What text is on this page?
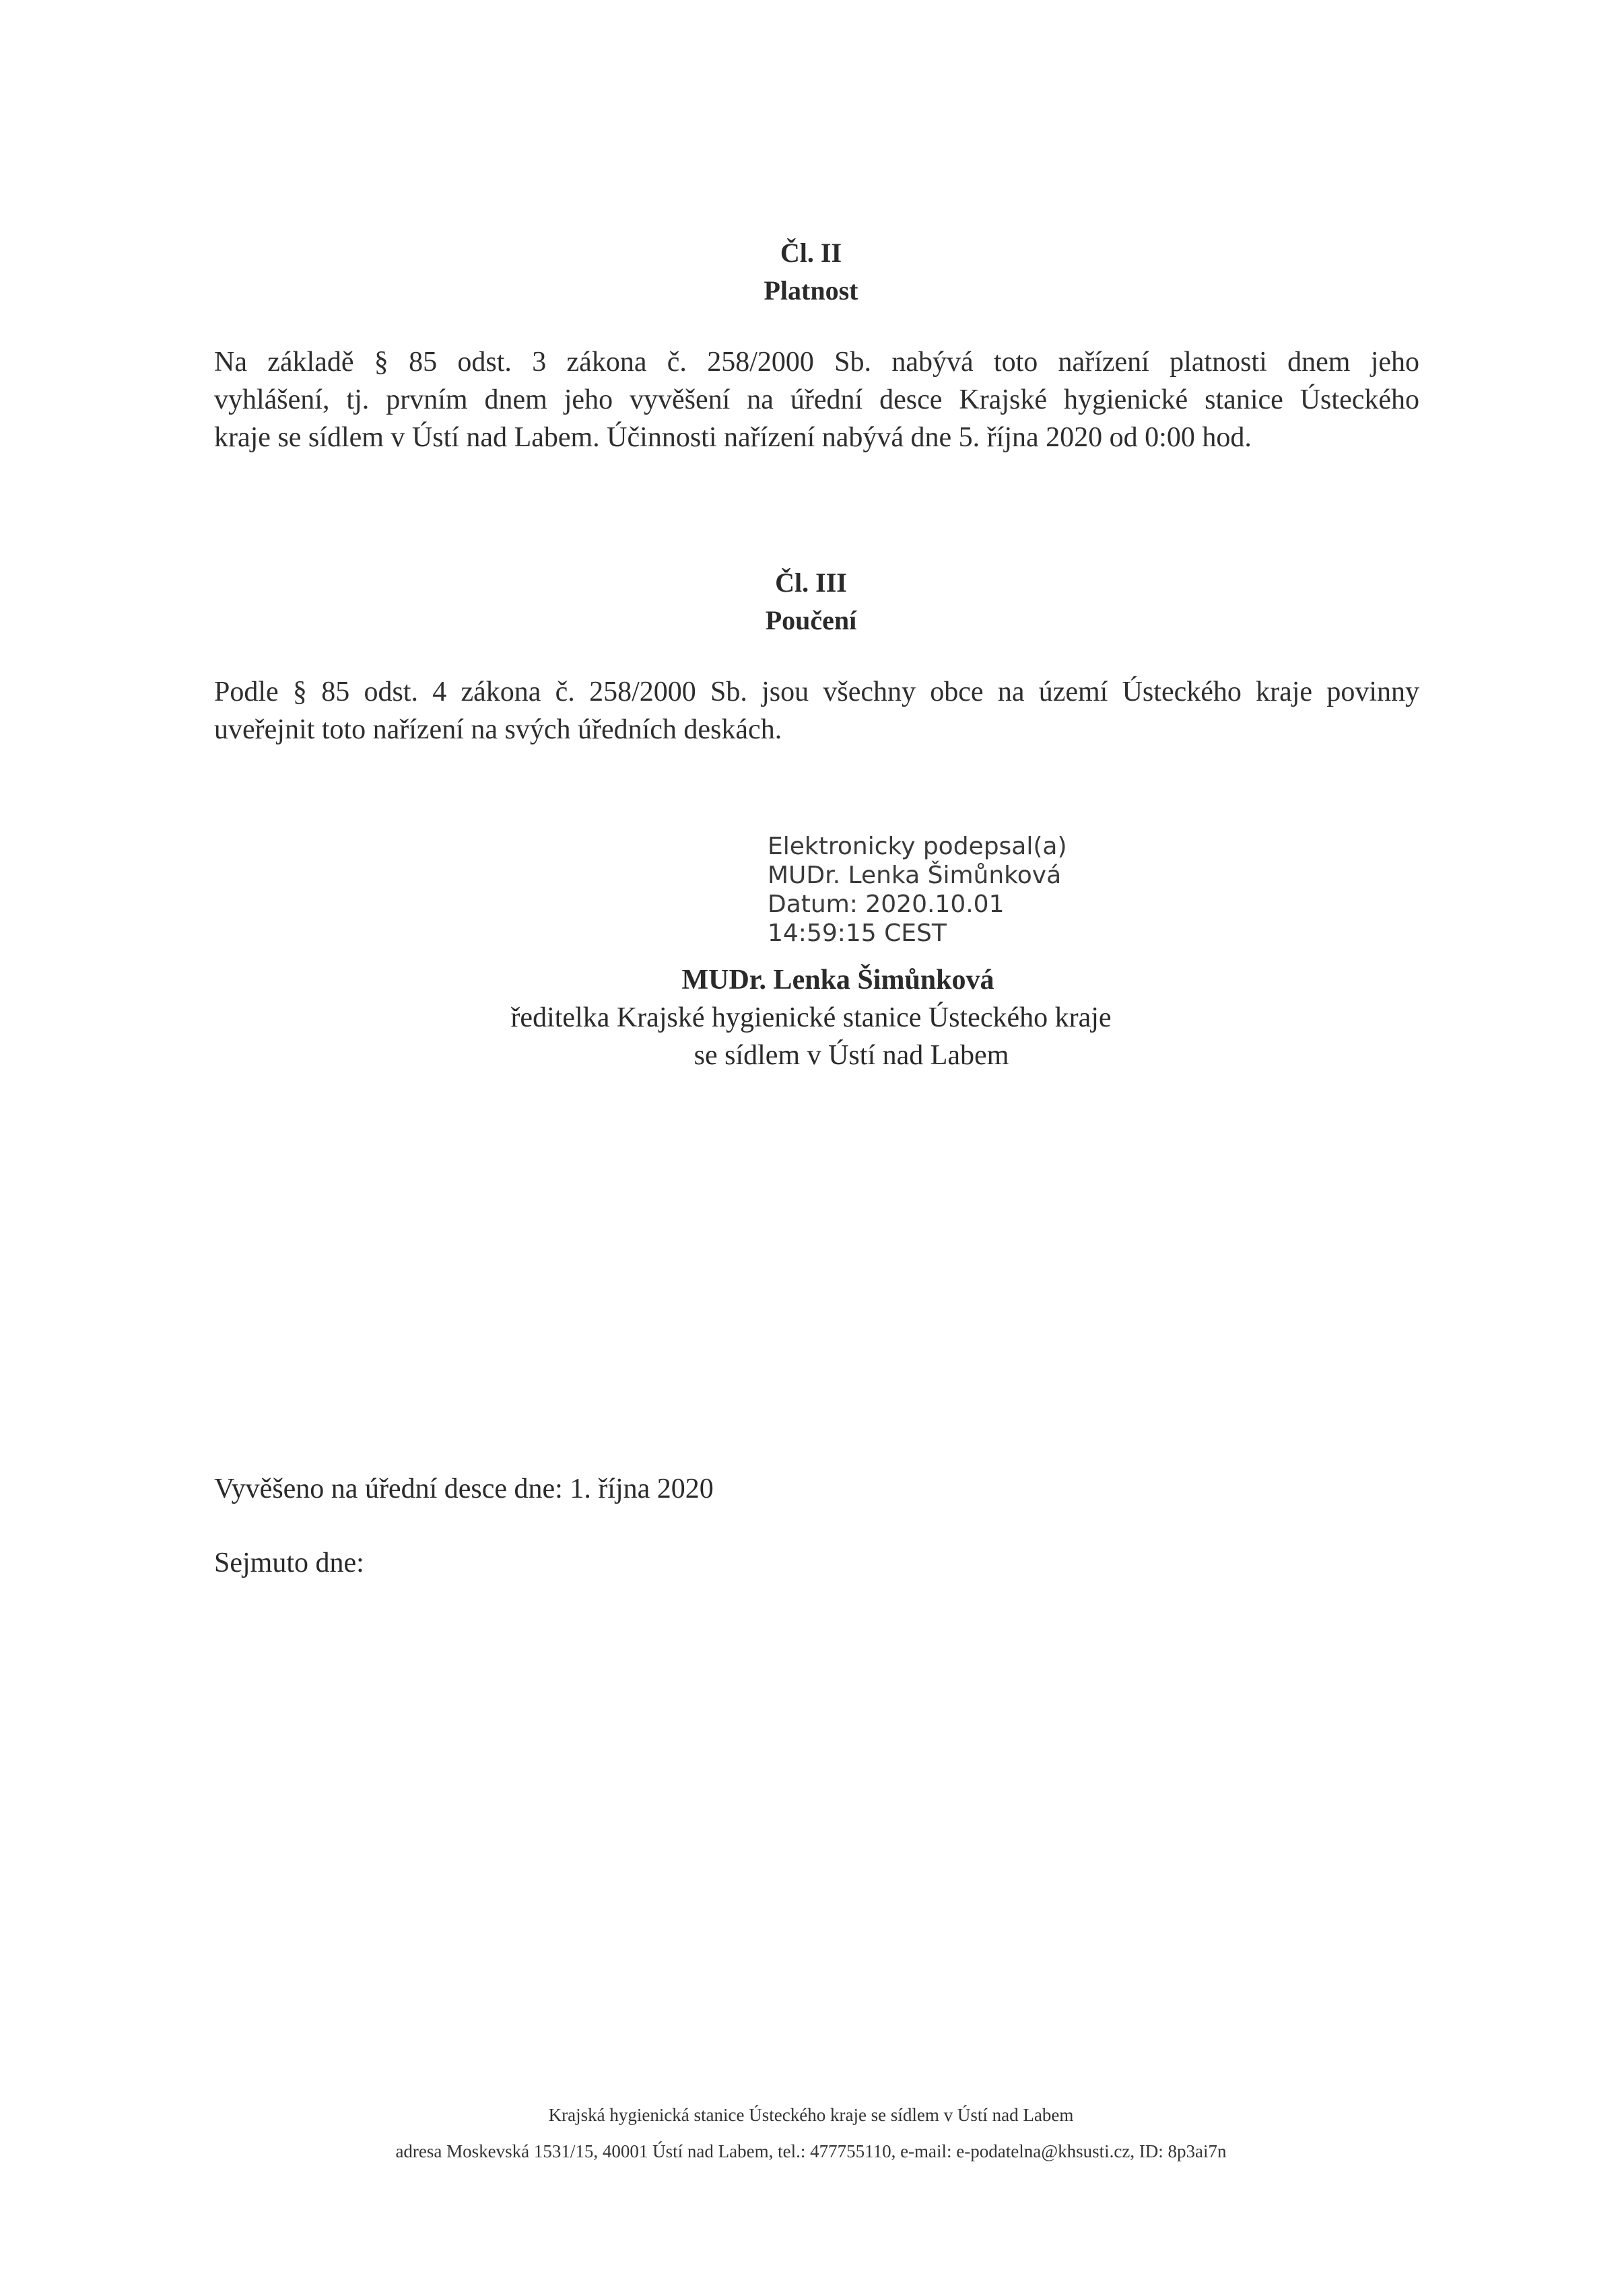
Čl. II
Platnost

Na základě § 85 odst. 3 zákona č. 258/2000 Sb. nabývá toto nařízení platnosti dnem jeho
vyhlášení, tj. prvním dnem jeho vyvěšení na úřední desce Krajské hygienické stanice Ústeckého
kraje se sídlem v Ústí nad Labem. Účinnosti nařízení nabývá dne 5. října 2020 od 0:00 hod.

Čl. III
Poučení

Podle § 85 odst. 4 zákona č. 258/2000 Sb. jsou všechny obce na území Ústeckého kraje povinny
uveřejnit toto nařízení na svých úředních deskách.

Elektronicky podepsal(a)
MUDr. Lenka Šimůnková
Datum: 2020.10.01
14:59:15 CEST
MUDr. Lenka Šimůnková
ředitelka Krajské hygienické stanice Ústeckého kraje
se sídlem v Ústí nad Labem
Vyvěšeno na úřední desce dne: 1. října 2020
Sejmuto dne:
Krajská hygienická stanice Ústeckého kraje se sídlem v Ústí nad Labem
adresa Moskevská 1531/15, 40001 Ústí nad Labem, tel.: 477755110, e-mail: e-podatelna@khsusti.cz, ID: 8p3ai7n
